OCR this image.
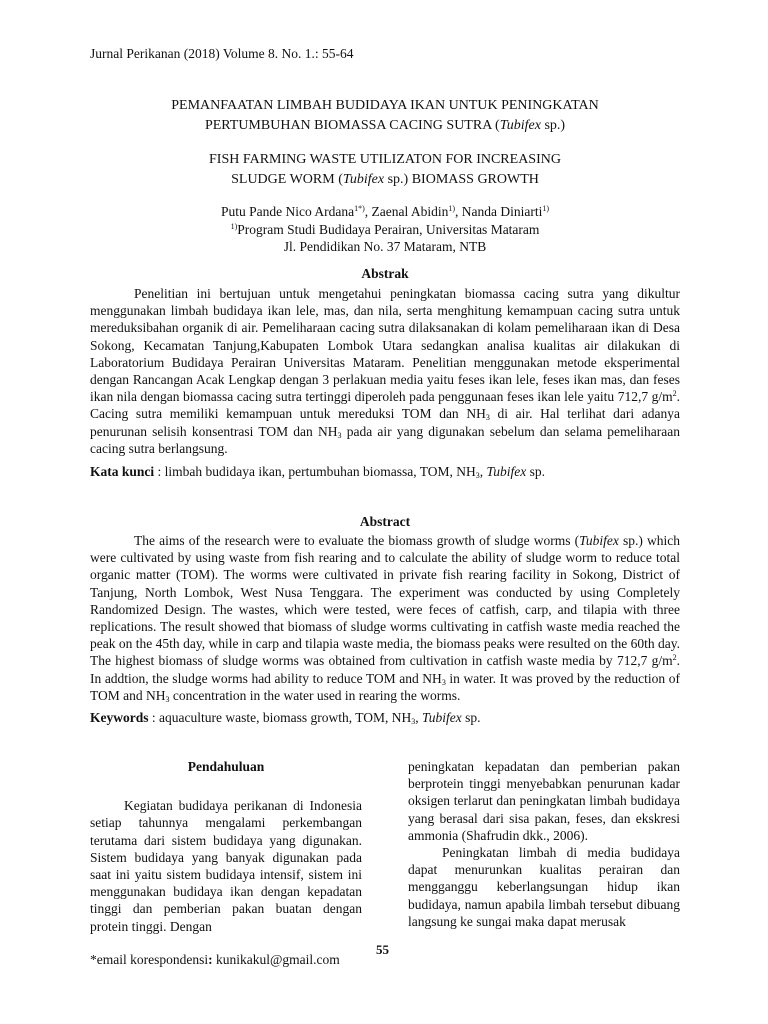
Jurnal Perikanan (2018) Volume 8. No. 1.: 55-64
PEMANFAATAN LIMBAH BUDIDAYA IKAN UNTUK PENINGKATAN
PERTUMBUHAN BIOMASSA CACING SUTRA (Tubifex sp.)
FISH FARMING WASTE UTILIZATON FOR INCREASING
SLUDGE WORM (Tubifex sp.) BIOMASS GROWTH
Putu Pande Nico Ardana$^{1*)}$, Zaenal Abidin$^{1)}$, Nanda Diniarti$^{1)}$
$^{1)}$Program Studi Budidaya Perairan, Universitas Mataram
Jl. Pendidikan No. 37 Mataram, NTB
Abstrak

Penelitian ini bertujuan untuk mengetahui peningkatan biomassa cacing sutra yang dikultur menggunakan limbah budidaya ikan lele, mas, dan nila, serta menghitung kemampuan cacing sutra untuk mereduksibahan organik di air. Pemeliharaan cacing sutra dilaksanakan di kolam pemeliharaan ikan di Desa Sokong, Kecamatan Tanjung,Kabupaten Lombok Utara sedangkan analisa kualitas air dilakukan di Laboratorium Budidaya Perairan Universitas Mataram. Penelitian menggunakan metode eksperimental dengan Rancangan Acak Lengkap dengan 3 perlakuan media yaitu feses ikan lele, feses ikan mas, dan feses ikan nila dengan biomassa cacing sutra tertinggi diperoleh pada penggunaan feses ikan lele yaitu 712,7 $g/m^2$. Cacing sutra memiliki kemampuan untuk mereduksi TOM dan $NH_3$ di air. Hal terlihat dari adanya penurunan selisih konsentrasi TOM dan $NH_3$ pada air yang digunakan sebelum dan selama pemeliharaan cacing sutra berlangsung.

Kata kunci : limbah budidaya ikan, pertumbuhan biomassa, TOM, $NH_3$, Tubifex sp.
Abstract

The aims of the research were to evaluate the biomass growth of sludge worms (Tubifex sp.) which were cultivated by using waste from fish rearing and to calculate the ability of sludge worm to reduce total organic matter (TOM). The worms were cultivated in private fish rearing facility in Sokong, District of Tanjung, North Lombok, West Nusa Tenggara. The experiment was conducted by using Completely Randomized Design. The wastes, which were tested, were feces of catfish, carp, and tilapia with three replications. The result showed that biomass of sludge worms cultivating in catfish waste media reached the peak on the 45th day, while in carp and tilapia waste media, the biomass peaks were resulted on the 60th day. The highest biomass of sludge worms was obtained from cultivation in catfish waste media by 712,7 $g/m^2$. In addtion, the sludge worms had ability to reduce TOM and $NH_3$ in water. It was proved by the reduction of TOM and $NH_3$ concentration in the water used in rearing the worms.

Keywords : aquaculture waste, biomass growth, TOM, $NH_3$, Tubifex sp.
Pendahuluan

Kegiatan budidaya perikanan di Indonesia setiap tahunnya mengalami perkembangan terutama dari sistem budidaya yang digunakan. Sistem budidaya yang banyak digunakan pada saat ini yaitu sistem budidaya intensif, sistem ini menggunakan budidaya ikan dengan kepadatan tinggi dan pemberian pakan buatan dengan protein tinggi. Dengan

peningkatan kepadatan dan pemberian pakan berprotein tinggi menyebabkan penurunan kadar oksigen terlarut dan peningkatan limbah budidaya yang berasal dari sisa pakan, feses, dan ekskresi ammonia (Shafrudin dkk., 2006).

Peningkatan limbah di media budidaya dapat menurunkan kualitas perairan dan mengganggu keberlangsungan hidup ikan budidaya, namun apabila limbah tersebut dibuang langsung ke sungai maka dapat merusak

55
*email korespondensi: kunikakul@gmail.com
